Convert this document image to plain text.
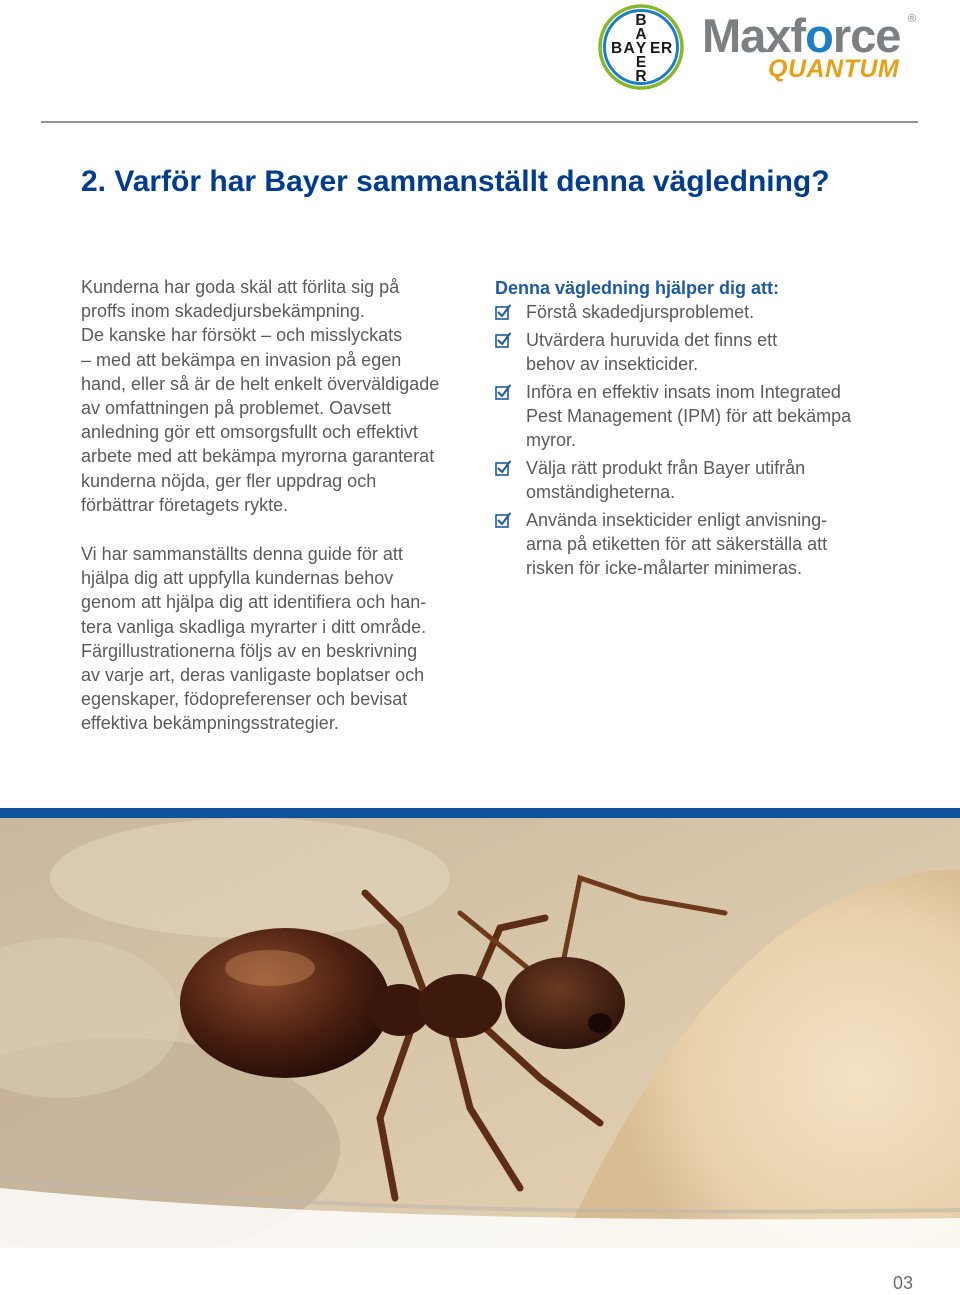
B
A
B A Y E R
E
R
Maxforce ®
QUANTUM
2. Varför har Bayer sammanställt denna vägledning?

Kunderna har goda skäl att förlita sig på
proffs inom skadedjursbekämpning.
De kanske har försökt – och misslyckats
– med att bekämpa en invasion på egen
hand, eller så är de helt enkelt överväldigade
av omfattningen på problemet. Oavsett
anledning gör ett omsorgsfullt och effektivt
arbete med att bekämpa myrorna garanterat
kunderna nöjda, ger fler uppdrag och
förbättrar företagets rykte.

Vi har sammanställts denna guide för att
hjälpa dig att uppfylla kundernas behov
genom att hjälpa dig att identifiera och han-
tera vanliga skadliga myrarter i ditt område.
Färgillustrationerna följs av en beskrivning
av varje art, deras vanligaste boplatser och
egenskaper, födopreferenser och bevisat
effektiva bekämpningsstrategier.

Denna vägledning hjälper dig att:
Förstå skadedjursproblemet.
Utvärdera huruvida det finns ett
behov av insekticider.
Införa en effektiv insats inom Integrated
Pest Management (IPM) för att bekämpa
myror.
Välja rätt produkt från Bayer utifrån
omständigheterna.
Använda insekticider enligt anvisning-
arna på etiketten för att säkerställa att
risken för icke-målarter minimeras.
03
